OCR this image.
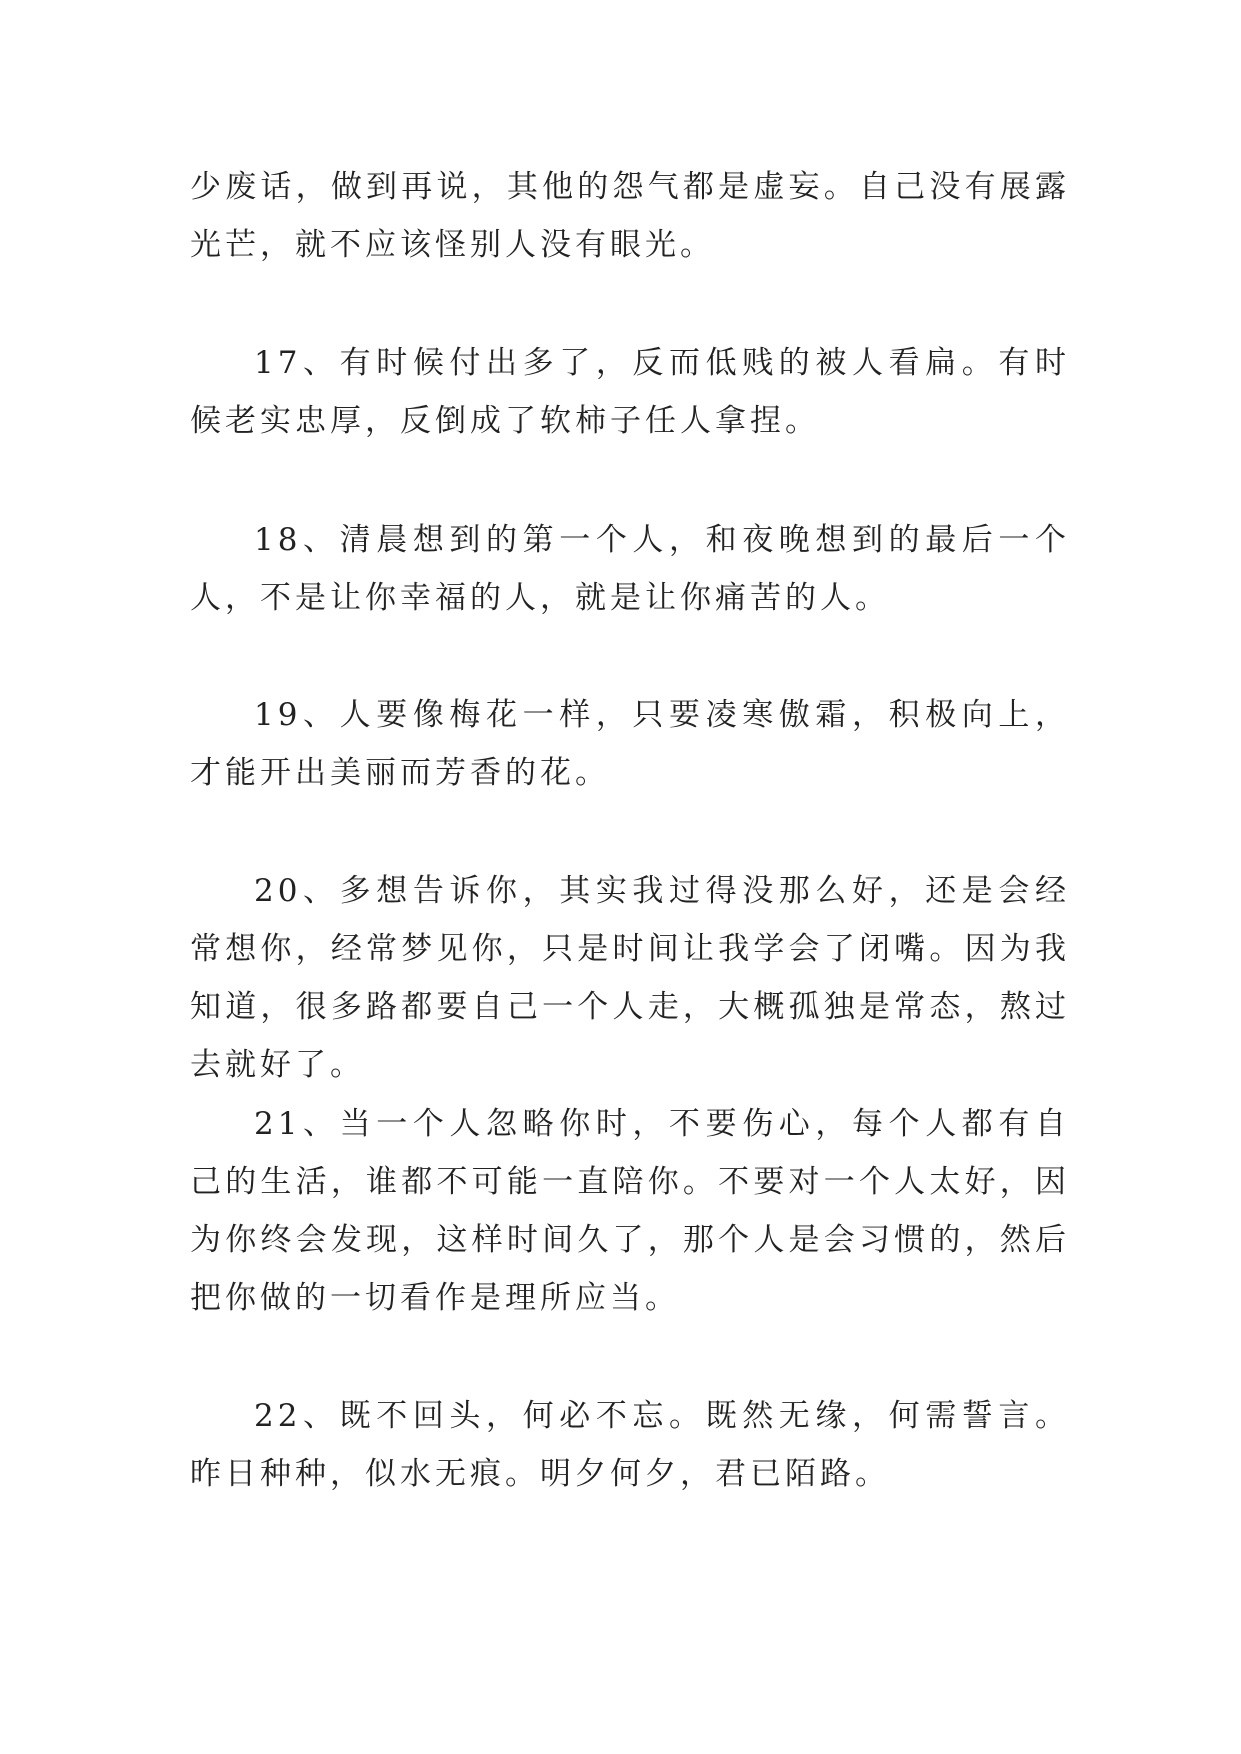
少废话，做到再说，其他的怨气都是虚妄。自己没有展露光芒，就不应该怪别人没有眼光。

17、有时候付出多了，反而低贱的被人看扁。有时候老实忠厚，反倒成了软柿子任人拿捏。

18、清晨想到的第一个人，和夜晚想到的最后一个人，不是让你幸福的人，就是让你痛苦的人。

19、人要像梅花一样，只要凌寒傲霜，积极向上，才能开出美丽而芳香的花。

20、多想告诉你，其实我过得没那么好，还是会经常想你，经常梦见你，只是时间让我学会了闭嘴。因为我知道，很多路都要自己一个人走，大概孤独是常态，熬过去就好了。

21、当一个人忽略你时，不要伤心，每个人都有自己的生活，谁都不可能一直陪你。不要对一个人太好，因为你终会发现，这样时间久了，那个人是会习惯的，然后把你做的一切看作是理所应当。

22、既不回头，何必不忘。既然无缘，何需誓言。昨日种种，似水无痕。明夕何夕，君已陌路。
